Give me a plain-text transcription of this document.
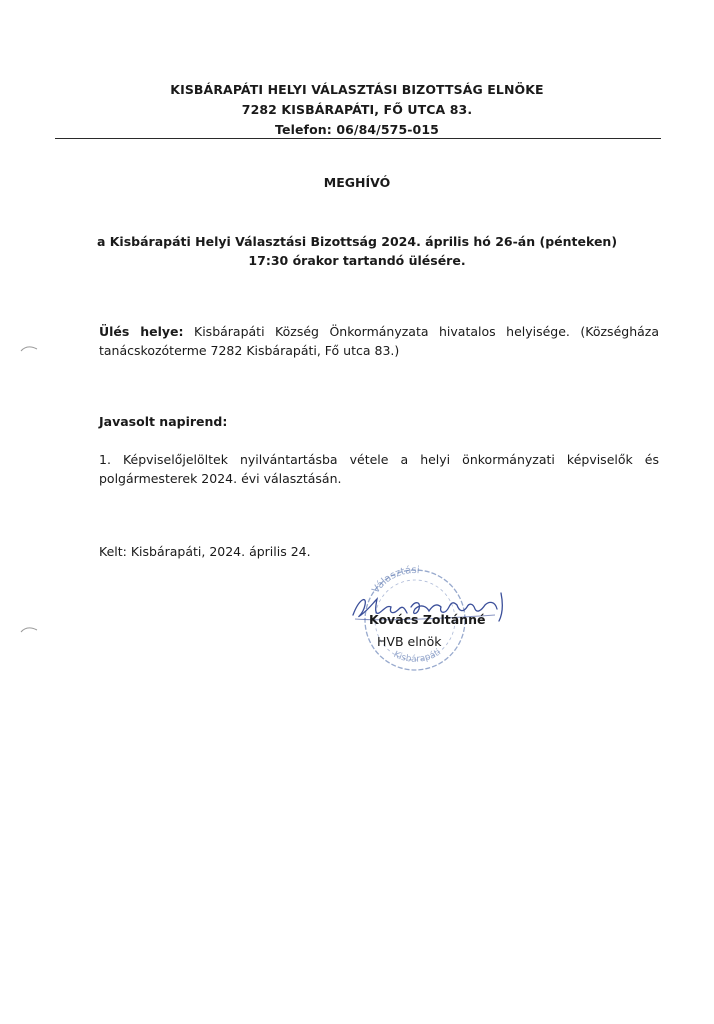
KISBÁRAPÁTI HELYI VÁLASZTÁSI BIZOTTSÁG ELNÖKE
7282 KISBÁRAPÁTI, FŐ UTCA 83.
Telefon: 06/84/575-015
MEGHÍVÓ
a Kisbárapáti Helyi Választási Bizottság 2024. április hó 26-án (pénteken)
17:30 órakor tartandó ülésére.
Ülés helye: Kisbárapáti Község Önkormányzata hivatalos helyisége. (Községháza
tanácskozóterme 7282 Kisbárapáti, Fő utca 83.)
Javasolt napirend:
1. Képviselőjelöltek nyilvántartásba vétele a helyi önkormányzati képviselők és
polgármesterek 2024. évi választásán.
Kelt: Kisbárapáti, 2024. április 24.
Választási
Kisbárapáti
Kovács Zoltánné
HVB elnök
